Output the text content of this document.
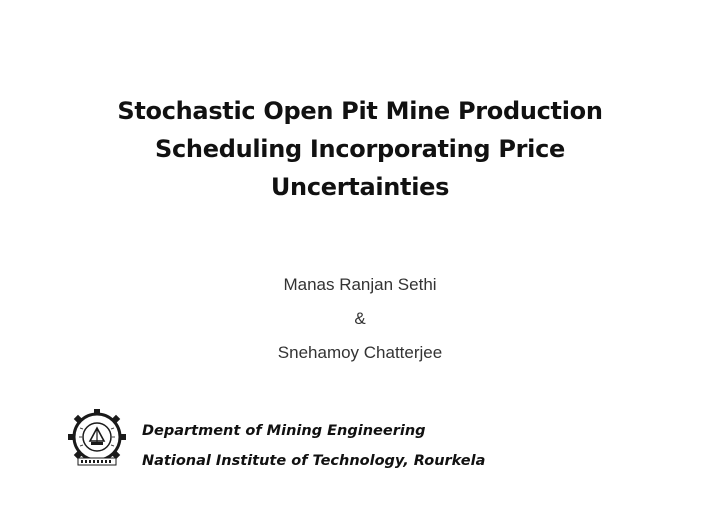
Stochastic Open Pit Mine Production
Scheduling Incorporating Price
Uncertainties
Manas Ranjan Sethi
&
Snehamoy Chatterjee
Department of Mining Engineering
National Institute of Technology, Rourkela
